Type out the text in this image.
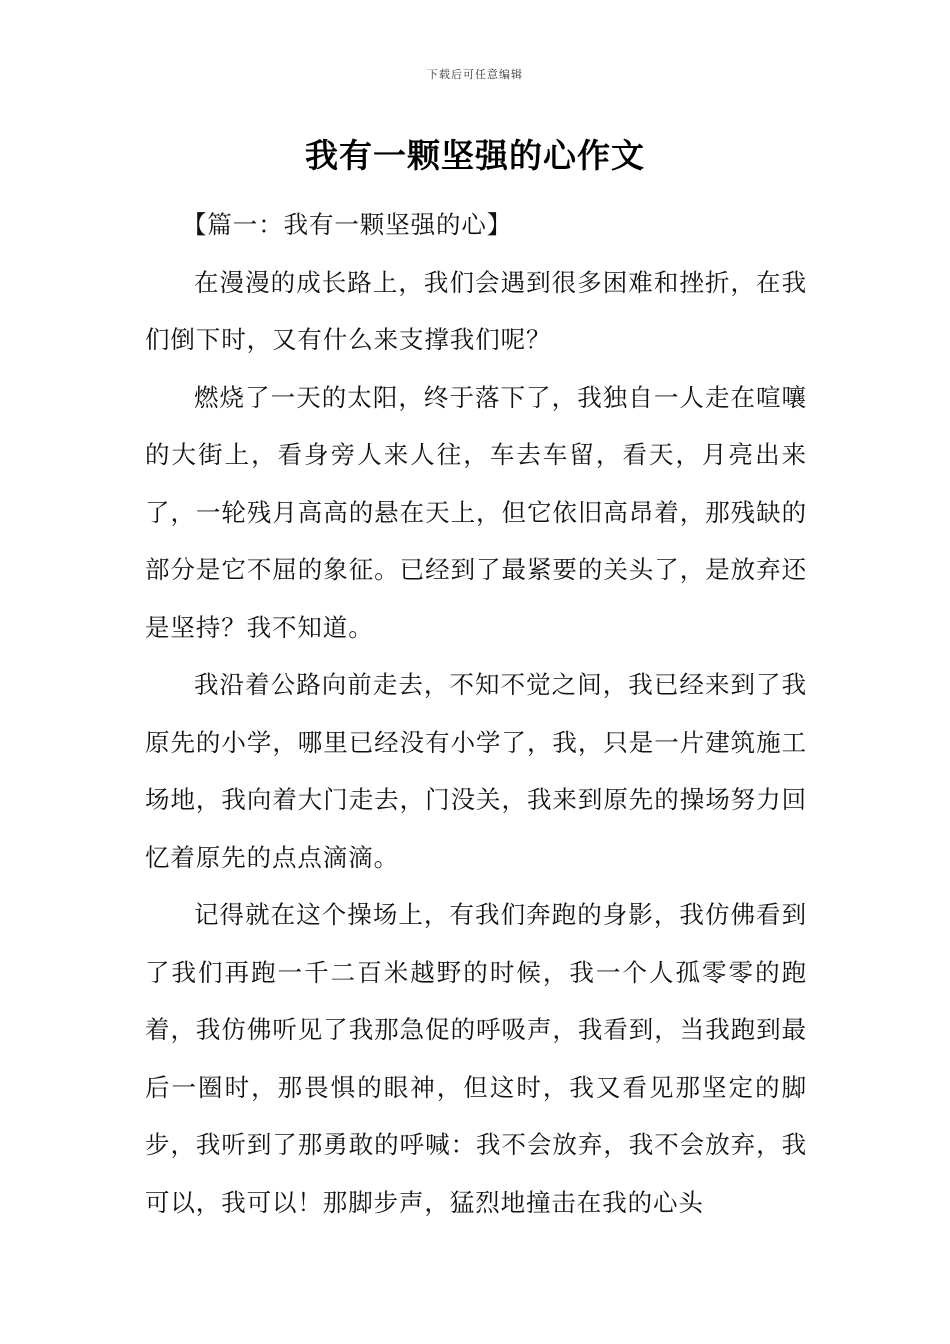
下载后可任意编辑
我有一颗坚强的心作文
【篇一：我有一颗坚强的心】

在漫漫的成长路上，我们会遇到很多困难和挫折，在我们倒下时，又有什么来支撑我们呢？

燃烧了一天的太阳，终于落下了，我独自一人走在喧嚷的大街上，看身旁人来人往，车去车留，看天，月亮出来了，一轮残月高高的悬在天上，但它依旧高昂着，那残缺的部分是它不屈的象征。已经到了最紧要的关头了，是放弃还是坚持？我不知道。

我沿着公路向前走去，不知不觉之间，我已经来到了我原先的小学，哪里已经没有小学了，我，只是一片建筑施工场地，我向着大门走去，门没关，我来到原先的操场努力回忆着原先的点点滴滴。

记得就在这个操场上，有我们奔跑的身影，我仿佛看到了我们再跑一千二百米越野的时候，我一个人孤零零的跑着，我仿佛听见了我那急促的呼吸声，我看到，当我跑到最后一圈时，那畏惧的眼神，但这时，我又看见那坚定的脚步，我听到了那勇敢的呼喊：我不会放弃，我不会放弃，我可以，我可以！那脚步声，猛烈地撞击在我的心头
